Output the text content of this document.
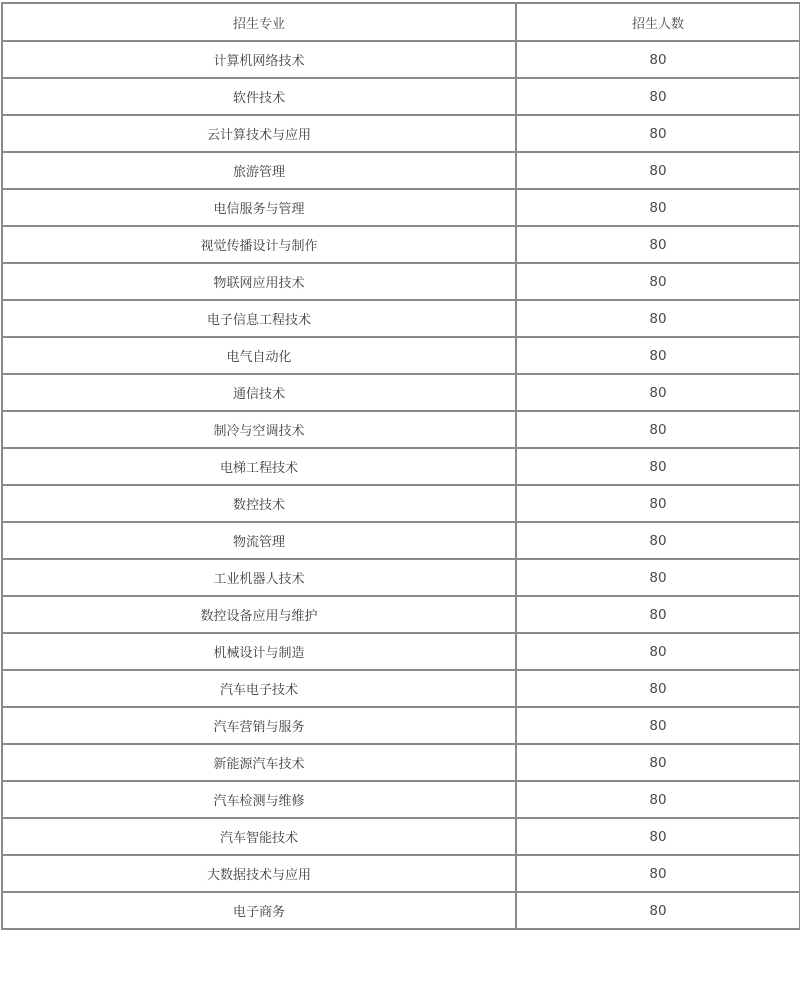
招生专业	招生人数
计算机网络技术	80
软件技术	80
云计算技术与应用	80
旅游管理	80
电信服务与管理	80
视觉传播设计与制作	80
物联网应用技术	80
电子信息工程技术	80
电气自动化	80
通信技术	80
制冷与空调技术	80
电梯工程技术	80
数控技术	80
物流管理	80
工业机器人技术	80
数控设备应用与维护	80
机械设计与制造	80
汽车电子技术	80
汽车营销与服务	80
新能源汽车技术	80
汽车检测与维修	80
汽车智能技术	80
大数据技术与应用	80
电子商务	80
